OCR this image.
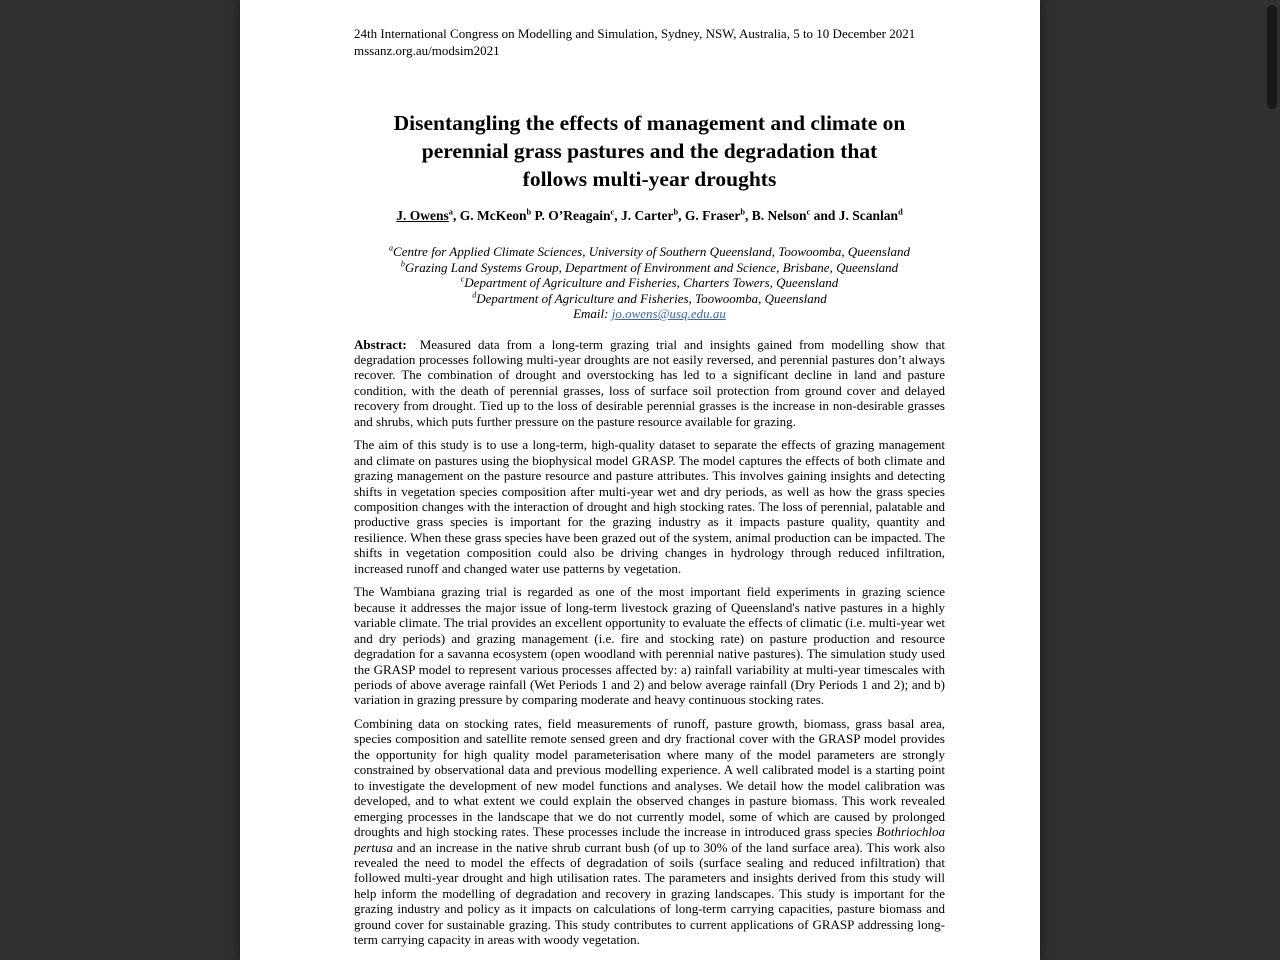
24th International Congress on Modelling and Simulation, Sydney, NSW, Australia, 5 to 10 December 2021
mssanz.org.au/modsim2021
Disentangling the effects of management and climate on
perennial grass pastures and the degradation that
follows multi-year droughts
J. Owens$^a$, G. McKeon$^b$ P. O’Reagain$^c$, J. Carter$^b$, G. Fraser$^b$, B. Nelson$^c$ and J. Scanlan$^d$
$^a$Centre for Applied Climate Sciences, University of Southern Queensland, Toowoomba, Queensland
$^b$Grazing Land Systems Group, Department of Environment and Science, Brisbane, Queensland
$^c$Department of Agriculture and Fisheries, Charters Towers, Queensland
$^d$Department of Agriculture and Fisheries, Toowoomba, Queensland
Email: jo.owens@usq.edu.au

Abstract: Measured data from a long-term grazing trial and insights gained from modelling show that degradation processes following multi-year droughts are not easily reversed, and perennial pastures don’t always recover. The combination of drought and overstocking has led to a significant decline in land and pasture condition, with the death of perennial grasses, loss of surface soil protection from ground cover and delayed recovery from drought. Tied up to the loss of desirable perennial grasses is the increase in non-desirable grasses and shrubs, which puts further pressure on the pasture resource available for grazing.

The aim of this study is to use a long-term, high-quality dataset to separate the effects of grazing management and climate on pastures using the biophysical model GRASP. The model captures the effects of both climate and grazing management on the pasture resource and pasture attributes. This involves gaining insights and detecting shifts in vegetation species composition after multi-year wet and dry periods, as well as how the grass species composition changes with the interaction of drought and high stocking rates. The loss of perennial, palatable and productive grass species is important for the grazing industry as it impacts pasture quality, quantity and resilience. When these grass species have been grazed out of the system, animal production can be impacted. The shifts in vegetation composition could also be driving changes in hydrology through reduced infiltration, increased runoff and changed water use patterns by vegetation.

The Wambiana grazing trial is regarded as one of the most important field experiments in grazing science because it addresses the major issue of long-term livestock grazing of Queensland's native pastures in a highly variable climate. The trial provides an excellent opportunity to evaluate the effects of climatic (i.e. multi-year wet and dry periods) and grazing management (i.e. fire and stocking rate) on pasture production and resource degradation for a savanna ecosystem (open woodland with perennial native pastures). The simulation study used the GRASP model to represent various processes affected by: a) rainfall variability at multi-year timescales with periods of above average rainfall (Wet Periods 1 and 2) and below average rainfall (Dry Periods 1 and 2); and b) variation in grazing pressure by comparing moderate and heavy continuous stocking rates.

Combining data on stocking rates, field measurements of runoff, pasture growth, biomass, grass basal area, species composition and satellite remote sensed green and dry fractional cover with the GRASP model provides the opportunity for high quality model parameterisation where many of the model parameters are strongly constrained by observational data and previous modelling experience. A well calibrated model is a starting point to investigate the development of new model functions and analyses. We detail how the model calibration was developed, and to what extent we could explain the observed changes in pasture biomass. This work revealed emerging processes in the landscape that we do not currently model, some of which are caused by prolonged droughts and high stocking rates. These processes include the increase in introduced grass species Bothriochloa pertusa and an increase in the native shrub currant bush (of up to 30% of the land surface area). This work also revealed the need to model the effects of degradation of soils (surface sealing and reduced infiltration) that followed multi-year drought and high utilisation rates. The parameters and insights derived from this study will help inform the modelling of degradation and recovery in grazing landscapes. This study is important for the grazing industry and policy as it impacts on calculations of long-term carrying capacities, pasture biomass and ground cover for sustainable grazing. This study contributes to current applications of GRASP addressing long-term carrying capacity in areas with woody vegetation.
